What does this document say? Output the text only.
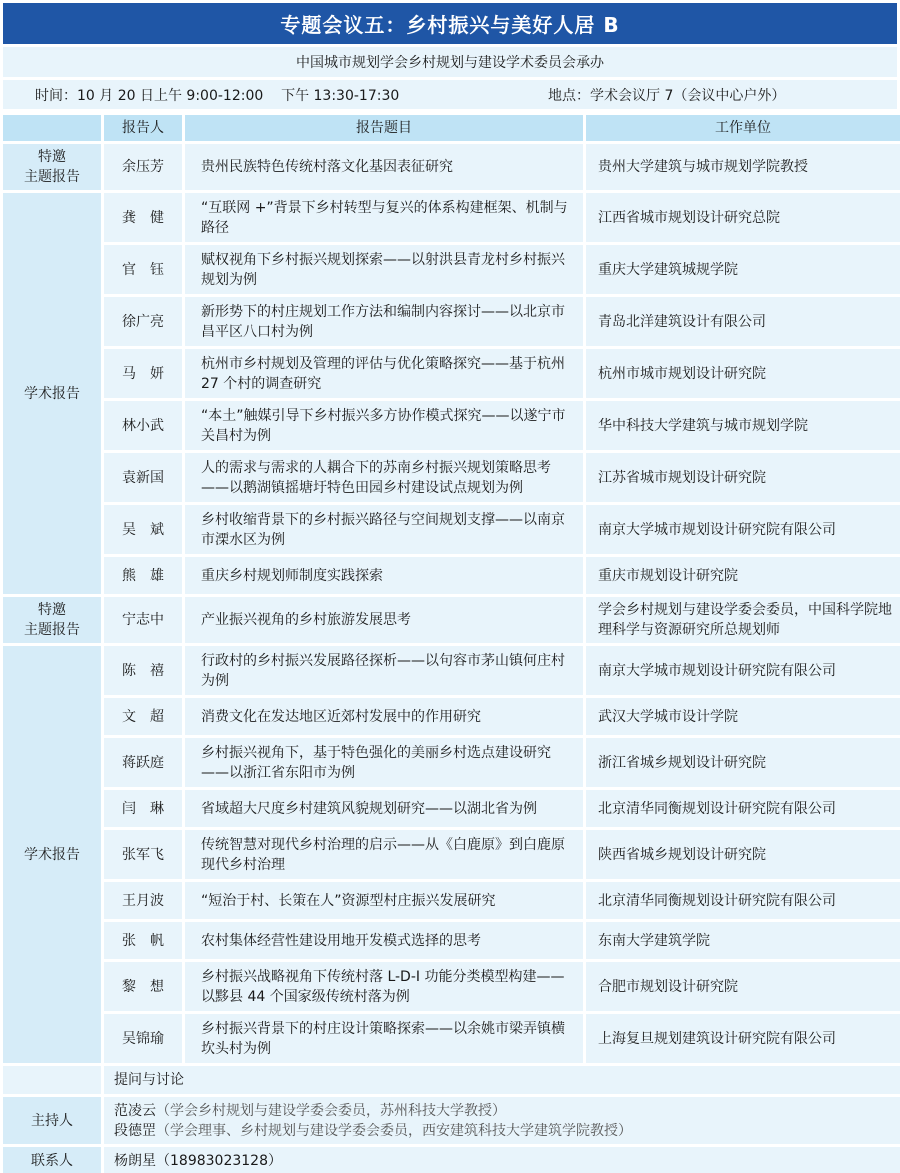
专题会议五：乡村振兴与美好人居 B
中国城市规划学会乡村规划与建设学术委员会承办
时间：10 月 20 日上午 9:00-12:00    下午 13:30-17:30	地点：学术会议厅 7（会议中心户外）
	报告人	报告题目	工作单位

特邀
主题报告	余压芳	贵州民族特色传统村落文化基因表征研究	贵州大学建筑与城市规划学院教授

学术报告	龚　健	“互联网 +”背景下乡村转型与复兴的体系构建框架、机制与路径	江西省城市规划设计研究总院
	官　钰	赋权视角下乡村振兴规划探索——以射洪县青龙村乡村振兴规划为例	重庆大学建筑城规学院
	徐广亮	新形势下的村庄规划工作方法和编制内容探讨——以北京市昌平区八口村为例	青岛北洋建筑设计有限公司
	马　妍	杭州市乡村规划及管理的评估与优化策略探究——基于杭州 27 个村的调查研究	杭州市城市规划设计研究院
	林小武	“本土”触媒引导下乡村振兴多方协作模式探究——以遂宁市关昌村为例	华中科技大学建筑与城市规划学院
	袁新国	人的需求与需求的人耦合下的苏南乡村振兴规划策略思考——以鹅湖镇摇塘圩特色田园乡村建设试点规划为例	江苏省城市规划设计研究院
	吴　斌	乡村收缩背景下的乡村振兴路径与空间规划支撑——以南京市溧水区为例	南京大学城市规划设计研究院有限公司
	熊　雄	重庆乡村规划师制度实践探索	重庆市规划设计研究院

特邀
主题报告	宁志中	产业振兴视角的乡村旅游发展思考	学会乡村规划与建设学委会委员，中国科学院地理科学与资源研究所总规划师

学术报告	陈　禧	行政村的乡村振兴发展路径探析——以句容市茅山镇何庄村为例	南京大学城市规划设计研究院有限公司
	文　超	消费文化在发达地区近郊村发展中的作用研究	武汉大学城市设计学院
	蒋跃庭	乡村振兴视角下，基于特色强化的美丽乡村选点建设研究——以浙江省东阳市为例	浙江省城乡规划设计研究院
	闫　琳	省域超大尺度乡村建筑风貌规划研究——以湖北省为例	北京清华同衡规划设计研究院有限公司
	张军飞	传统智慧对现代乡村治理的启示——从《白鹿原》到白鹿原现代乡村治理	陕西省城乡规划设计研究院
	王月波	“短治于村、长策在人”资源型村庄振兴发展研究	北京清华同衡规划设计研究院有限公司
	张　帆	农村集体经营性建设用地开发模式选择的思考	东南大学建筑学院
	黎　想	乡村振兴战略视角下传统村落 L-D-I 功能分类模型构建——以黟县 44 个国家级传统村落为例	合肥市规划设计研究院
	吴锦瑜	乡村振兴背景下的村庄设计策略探索——以余姚市梁弄镇横坎头村为例	上海复旦规划建筑设计研究院有限公司
	提问与讨论		
主持人	范凌云（学会乡村规划与建设学委会委员，苏州科技大学教授）
段德罡（学会理事、乡村规划与建设学委会委员，西安建筑科技大学建筑学院教授）		

联系人	杨朗星（18983023128）		
